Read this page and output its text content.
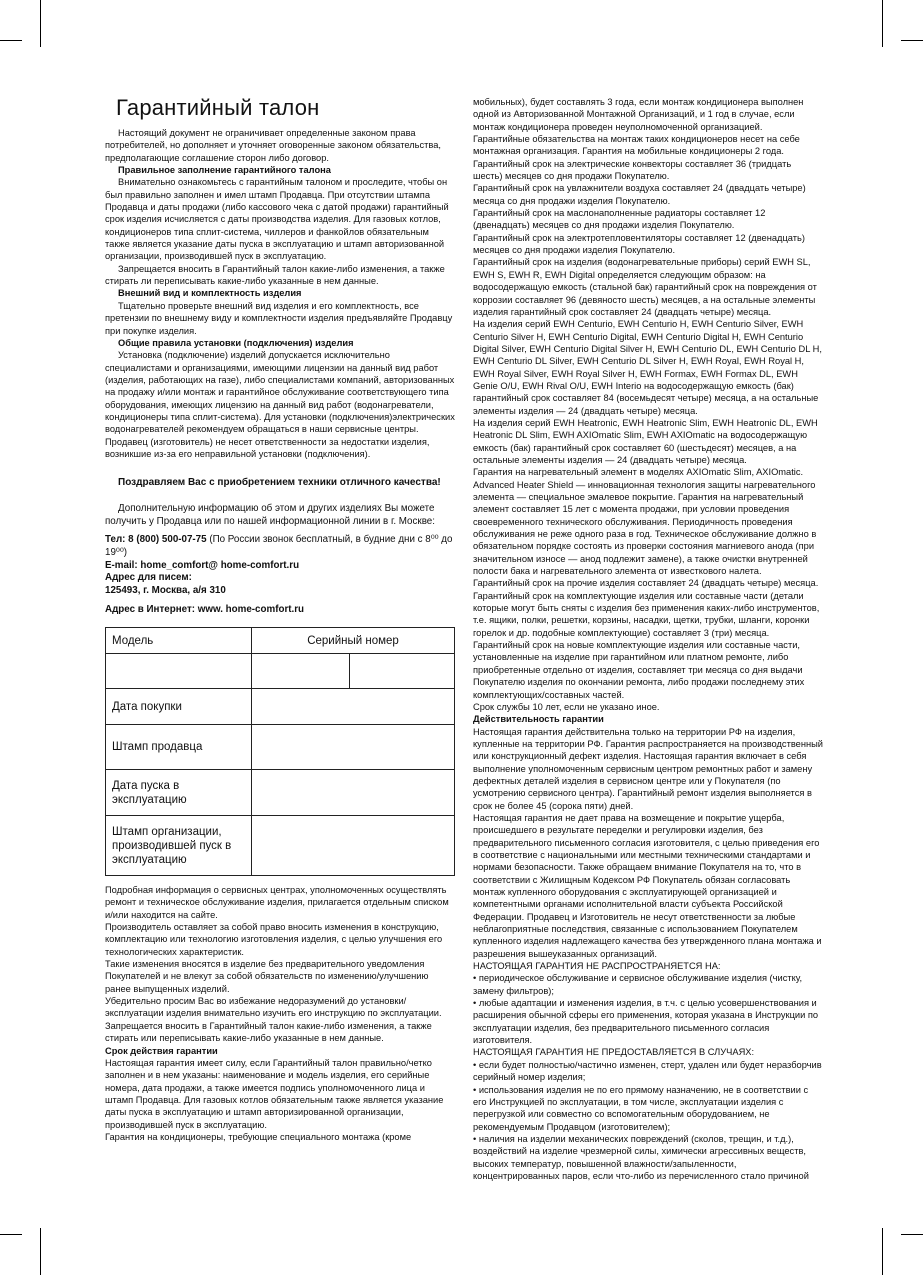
Гарантийный талон

Настоящий документ не ограничивает определенные законом права потребителей, но дополняет и уточняет оговоренные законом обязательства, предполагающие соглашение сторон либо договор.

Правильное заполнение гарантийного талона

Внимательно ознакомьтесь с гарантийным талоном и проследите, чтобы он был правильно заполнен и имел штамп Продавца. При отсутствии штампа Продавца и даты продажи (либо кассового чека с датой продажи) гарантийный срок изделия исчисляется с даты производства изделия. Для газовых котлов, кондиционеров типа сплит-система, чиллеров и фанкойлов обязательным также является указание даты пуска в эксплуатацию и штамп авторизованной организации, производившей пуск в эксплуатацию.

Запрещается вносить в Гарантийный талон какие-либо изменения, а также стирать ли переписывать какие-либо указанные в нем данные.

Внешний вид и комплектность изделия

Тщательно проверьте внешний вид изделия и его комплектность, все претензии по внешнему виду и комплектности изделия предъявляйте Продавцу при покупке изделия.

Общие правила установки (подключения) изделия

Установка (подключение) изделий допускается исключительно специалистами и организациями, имеющими лицензии на данный вид работ (изделия, работающих на газе), либо специалистами компаний, авторизованных на продажу и/или монтаж и гарантийное обслуживание соответствующего типа оборудования, имеющих лицензию на данный вид работ (водонагреватели, кондиционеры типа сплит-система). Для установки (подключения)электрических водонагревателей рекомендуем обращаться в наши сервисные центры. Продавец (изготовитель) не несет ответственности за недостатки изделия, возникшие из-за его неправильной установки (подключения).

Поздравляем Вас с приобретением техники отличного качества!

Дополнительную информацию об этом и других изделиях Вы можете получить у Продавца или по нашей информационной линии в г. Москве:

Тел: 8 (800) 500-07-75 (По России звонок бесплатный, в будние дни с 8⁰⁰ до 19⁰⁰)

E-mail: home_comfort@ home-comfort.ru

Адрес для писем:

125493, г. Москва, а/я 310

Адрес в Интернет: www. home-comfort.ru

Модель	Серийный номер	

Дата покупки		
Штамп продавца		
Дата пуска в эксплуатацию		
Штамп организации, производившей пуск в эксплуатацию		

Подробная информация о сервисных центрах, уполномоченных осуществлять ремонт и техническое обслуживание изделия, прилагается отдельным списком и/или находится на сайте.

Производитель оставляет за собой право вносить изменения в конструкцию, комплектацию или технологию изготовления изделия, с целью улучшения его технологических характеристик.

Такие изменения вносятся в изделие без предварительного уведомления Покупателей и не влекут за собой обязательств по изменению/улучшению ранее выпущенных изделий.

Убедительно просим Вас во избежание недоразумений до установки/эксплуатации изделия внимательно изучить его инструкцию по эксплуатации.

Запрещается вносить в Гарантийный талон какие-либо изменения, а также стирать или переписывать какие-либо указанные в нем данные.

Срок действия гарантии

Настоящая гарантия имеет силу, если Гарантийный талон правильно/четко заполнен и в нем указаны: наименование и модель изделия, его серийные номера, дата продажи, а также имеется подпись уполномоченного лица и штамп Продавца. Для газовых котлов обязательным также является указание даты пуска в эксплуатацию и штамп авторизированной организации, производившей пуск в эксплуатацию.

Гарантия на кондиционеры, требующие специального монтажа (кроме

мобильных), будет составлять 3 года, если монтаж кондиционера выполнен одной из Авторизованной Монтажной Организаций, и 1 год в случае, если монтаж кондиционера проведен неуполномоченной организацией.

Гарантийные обязательства на монтаж таких кондиционеров несет на себе монтажная организация. Гарантия на мобильные кондиционеры 2 года.

Гарантийный срок на электрические конвекторы составляет 36 (тридцать шесть) месяцев со дня продажи Покупателю.

Гарантийный срок на увлажнители воздуха составляет 24 (двадцать четыре) месяца со дня продажи изделия Покупателю.

Гарантийный срок на маслонаполненные радиаторы составляет 12 (двенадцать) месяцев со дня продажи изделия Покупателю.

Гарантийный срок на электротепловентиляторы составляет 12 (двенадцать) месяцев со дня продажи изделия Покупателю.

Гарантийный срок на изделия (водонагревательные приборы) серий EWH SL, EWH S, EWH R, EWH Digital определяется следующим образом: на водосодержащую емкость (стальной бак) гарантийный срок на повреждения от коррозии составляет 96 (девяносто шесть) месяцев, а на остальные элементы изделия гарантийный срок составляет 24 (двадцать четыре) месяца.

На изделия серий EWH Centurio, EWH Centurio H, EWH Centurio Silver, EWH Centurio Silver H, EWH Centurio Digital, EWH Centurio Digital H, EWH Centurio Digital Silver, EWH Centurio Digital Silver H, EWH Centurio DL, EWH Centurio DL H, EWH Centurio DL Silver, EWH Centurio DL Silver H, EWH Royal, EWH Royal H, EWH Royal Silver, EWH Royal Silver H, EWH Formax, EWH Formax DL, EWH Genie O/U, EWH Rival O/U, EWH Interio на водосодержащую емкость (бак) гарантийный срок составляет 84 (восемьдесят четыре) месяца, а на остальные элементы изделия — 24 (двадцать четыре) месяца.

На изделия серий EWH Heatronic, EWH Heatronic Slim, EWH Heatronic DL, EWH Heatronic DL Slim, EWH AXIOmatic Slim, EWH AXIOmatic на водосодержащую емкость (бак) гарантийный срок составляет 60 (шестьдесят) месяцев, а на остальные элементы изделия — 24 (двадцать четыре) месяца.

Гарантия на нагревательный элемент в моделях AXIOmatic Slim, AXIOmatic. Advanced Heater Shield — инновационная технология защиты нагревательного элемента — специальное эмалевое покрытие. Гарантия на нагревательный элемент составляет 15 лет с момента продажи, при условии проведения своевременного технического обслуживания. Периодичность проведения обслуживания не реже одного раза в год. Техническое обслуживание должно в обязательном порядке состоять из проверки состояния магниевого анода (при значительном износе — анод подлежит замене), а также очистки внутренней полости бака и нагревательного элемента от известкового налета.

Гарантийный срок на прочие изделия составляет 24 (двадцать четыре) месяца.

Гарантийный срок на комплектующие изделия или составные части (детали которые могут быть сняты с изделия без применения каких-либо инструментов, т.е. ящики, полки, решетки, корзины, насадки, щетки, трубки, шланги, коронки горелок и др. подобные комплектующие) составляет 3 (три) месяца.

Гарантийный срок на новые комплектующие изделия или составные части, установленные на изделие при гарантийном или платном ремонте, либо приобретенные отдельно от изделия, составляет три месяца со дня выдачи Покупателю изделия по окончании ремонта, либо продажи последнему этих комплектующих/составных частей.

Срок службы 10 лет, если не указано иное.

Действительность гарантии

Настоящая гарантия действительна только на территории РФ на изделия, купленные на территории РФ. Гарантия распространяется на производственный или конструкционный дефект изделия. Настоящая гарантия включает в себя выполнение уполномоченным сервисным центром ремонтных работ и замену дефектных деталей изделия в сервисном центре или у Покупателя (по усмотрению сервисного центра). Гарантийный ремонт изделия выполняется в срок не более 45 (сорока пяти) дней.

Настоящая гарантия не дает права на возмещение и покрытие ущерба, происшедшего в результате переделки и регулировки изделия, без предварительного письменного согласия изготовителя, с целью приведения его в соответствие с национальными или местными техническими стандартами и нормами безопасности. Также обращаем внимание Покупателя на то, что в соответствии с Жилищным Кодексом РФ Покупатель обязан согласовать монтаж купленного оборудования с эксплуатирующей организацией и компетентными органами исполнительной власти субъекта Российской Федерации. Продавец и Изготовитель не несут ответственности за любые неблагоприятные последствия, связанные с использованием Покупателем купленного изделия надлежащего качества без утвержденного плана монтажа и разрешения вышеуказанных организаций.

НАСТОЯЩАЯ ГАРАНТИЯ НЕ РАСПРОСТРАНЯЕТСЯ НА:

• периодическое обслуживание и сервисное обслуживание изделия (чистку, замену фильтров);

• любые адаптации и изменения изделия, в т.ч. с целью усовершенствования и расширения обычной сферы его применения, которая указана в Инструкции по эксплуатации изделия, без предварительного письменного согласия изготовителя.

НАСТОЯЩАЯ ГАРАНТИЯ НЕ ПРЕДОСТАВЛЯЕТСЯ В СЛУЧАЯХ:

• если будет полностью/частично изменен, стерт, удален или будет неразборчив серийный номер изделия;

• использования изделия не по его прямому назначению, не в соответствии с его Инструкцией по эксплуатации, в том числе, эксплуатации изделия с перегрузкой или совместно со вспомогательным оборудованием, не рекомендуемым Продавцом (изготовителем);

• наличия на изделии механических повреждений (сколов, трещин, и т.д.), воздействий на изделие чрезмерной силы, химически агрессивных веществ, высоких температур, повышенной влажности/запыленности, концентрированных паров, если что-либо из перечисленного стало причиной
